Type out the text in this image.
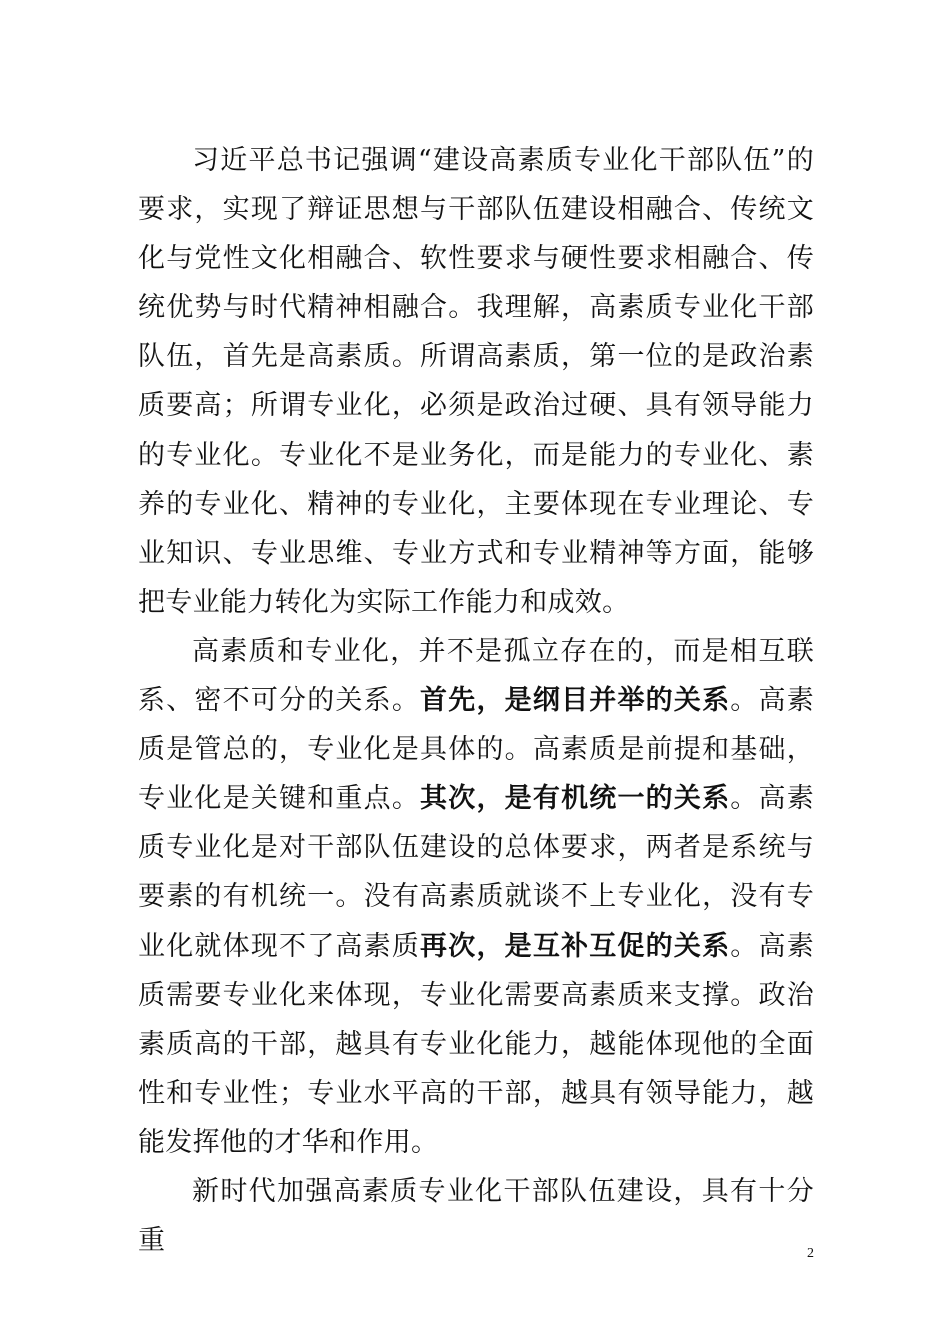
习近平总书记强调“建设高素质专业化干部队伍”的要求，实现了辩证思想与干部队伍建设相融合、传统文化与党性文化相融合、软性要求与硬性要求相融合、传统优势与时代精神相融合。我理解，高素质专业化干部队伍，首先是高素质。所谓高素质，第一位的是政治素质要高；所谓专业化，必须是政治过硬、具有领导能力的专业化。专业化不是业务化，而是能力的专业化、素养的专业化、精神的专业化，主要体现在专业理论、专业知识、专业思维、专业方式和专业精神等方面，能够把专业能力转化为实际工作能力和成效。

高素质和专业化，并不是孤立存在的，而是相互联系、密不可分的关系。首先，是纲目并举的关系。高素质是管总的，专业化是具体的。高素质是前提和基础，专业化是关键和重点。其次，是有机统一的关系。高素质专业化是对干部队伍建设的总体要求，两者是系统与要素的有机统一。没有高素质就谈不上专业化，没有专业化就体现不了高素质再次，是互补互促的关系。高素质需要专业化来体现，专业化需要高素质来支撑。政治素质高的干部，越具有专业化能力，越能体现他的全面性和专业性；专业水平高的干部，越具有领导能力，越能发挥他的才华和作用。

新时代加强高素质专业化干部队伍建设，具有十分重	2
